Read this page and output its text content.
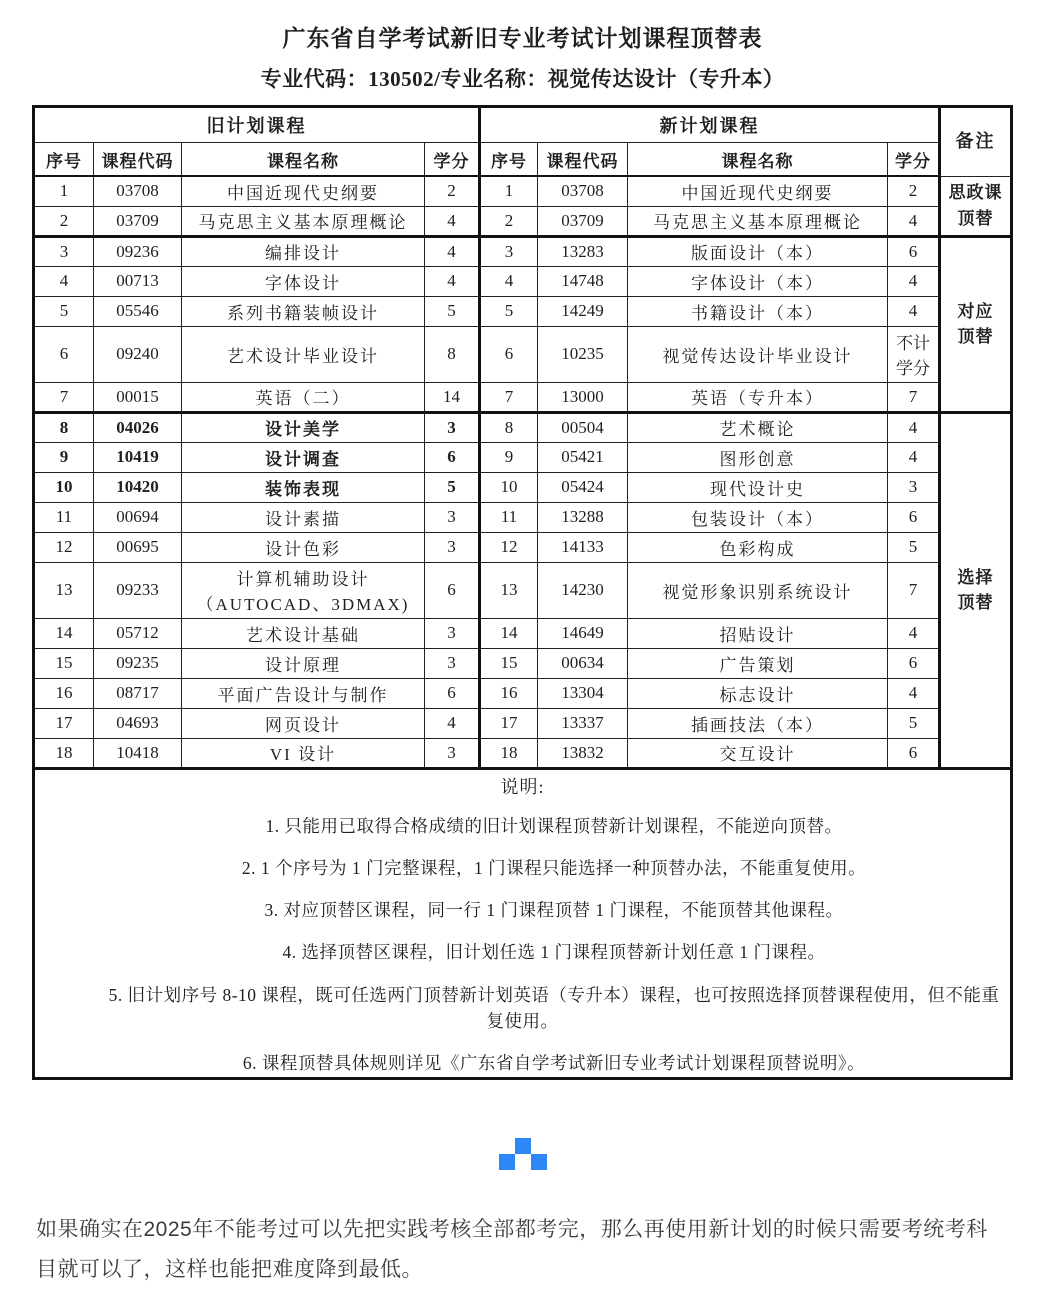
广东省自学考试新旧专业考试计划课程顶替表
专业代码：130502/专业名称：视觉传达设计（专升本）
旧计划课程				新计划课程				备注
序号	课程代码	课程名称	学分	序号	课程代码	课程名称	学分	
1	03708	中国近现代史纲要	2	1	03708	中国近现代史纲要	2	思政课
顶替

2	03709	马克思主义基本原理概论	4	2	03709	马克思主义基本原理概论	4	
3	09236	编排设计	4	3	13283	版面设计（本）	6	对应
顶替

4	00713	字体设计	4	4	14748	字体设计（本）	4	
5	05546	系列书籍装帧设计	5	5	14249	书籍设计（本）	4	
6	09240	艺术设计毕业设计	8	6	10235	视觉传达设计毕业设计	不计学分	
7	00015	英语（二）	14	7	13000	英语（专升本）	7	
8	04026	设计美学	3	8	00504	艺术概论	4	选择
顶替

9	10419	设计调查	6	9	05421	图形创意	4	
10	10420	装饰表现	5	10	05424	现代设计史	3	
11	00694	设计素描	3	11	13288	包装设计（本）	6	
12	00695	设计色彩	3	12	14133	色彩构成	5	
13	09233	计算机辅助设计（AUTOCAD、3DMAX)	6	13	14230	视觉形象识别系统设计	7	
14	05712	艺术设计基础	3	14	14649	招贴设计	4	
15	09235	设计原理	3	15	00634	广告策划	6	
16	08717	平面广告设计与制作	6	16	13304	标志设计	4	
17	04693	网页设计	4	17	13337	插画技法（本）	5	
18	10418	VI 设计	3	18	13832	交互设计	6	

说明:

1. 只能用已取得合格成绩的旧计划课程顶替新计划课程，不能逆向顶替。

2. 1 个序号为 1 门完整课程，1 门课程只能选择一种顶替办法，不能重复使用。

3. 对应顶替区课程，同一行 1 门课程顶替 1 门课程，不能顶替其他课程。

4. 选择顶替区课程，旧计划任选 1 门课程顶替新计划任意 1 门课程。

5. 旧计划序号 8-10 课程，既可任选两门顶替新计划英语（专升本）课程，也可按照选择顶替课程使用，但不能重复使用。

6. 课程顶替具体规则详见《广东省自学考试新旧专业考试计划课程顶替说明》。

如果确实在2025年不能考过可以先把实践考核全部都考完，那么再使用新计划的时候只需要考统考科目就可以了，这样也能把难度降到最低。
